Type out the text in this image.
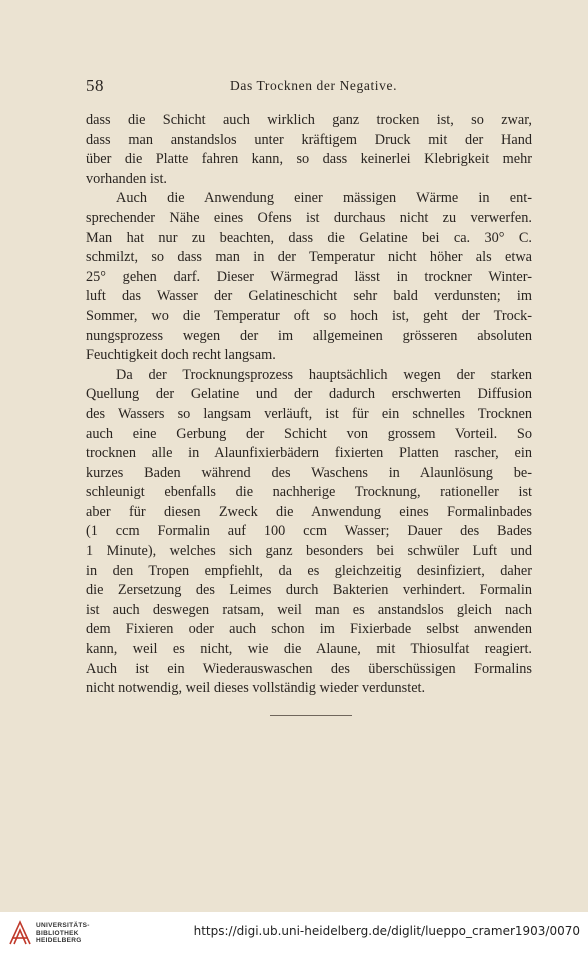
58	Das Trocknen der Negative.
dass die Schicht auch wirklich ganz trocken ist, so zwar,
dass man anstandslos unter kräftigem Druck mit der Hand
über die Platte fahren kann, so dass keinerlei Klebrigkeit mehr
vorhanden ist.
Auch die Anwendung einer mässigen Wärme in ent-
sprechender Nähe eines Ofens ist durchaus nicht zu verwerfen.
Man hat nur zu beachten, dass die Gelatine bei ca. 30° C.
schmilzt, so dass man in der Temperatur nicht höher als etwa
25° gehen darf. Dieser Wärmegrad lässt in trockner Winter-
luft das Wasser der Gelatineschicht sehr bald verdunsten; im
Sommer, wo die Temperatur oft so hoch ist, geht der Trock-
nungsprozess wegen der im allgemeinen grösseren absoluten
Feuchtigkeit doch recht langsam.
Da der Trocknungsprozess hauptsächlich wegen der starken
Quellung der Gelatine und der dadurch erschwerten Diffusion
des Wassers so langsam verläuft, ist für ein schnelles Trocknen
auch eine Gerbung der Schicht von grossem Vorteil. So
trocknen alle in Alaunfixierbädern fixierten Platten rascher, ein
kurzes Baden während des Waschens in Alaunlösung be-
schleunigt ebenfalls die nachherige Trocknung, rationeller ist
aber für diesen Zweck die Anwendung eines Formalinbades
(1 ccm Formalin auf 100 ccm Wasser; Dauer des Bades
1 Minute), welches sich ganz besonders bei schwüler Luft und
in den Tropen empfiehlt, da es gleichzeitig desinfiziert, daher
die Zersetzung des Leimes durch Bakterien verhindert. Formalin
ist auch deswegen ratsam, weil man es anstandslos gleich nach
dem Fixieren oder auch schon im Fixierbade selbst anwenden
kann, weil es nicht, wie die Alaune, mit Thiosulfat reagiert.
Auch ist ein Wiederauswaschen des überschüssigen Formalins
nicht notwendig, weil dieses vollständig wieder verdunstet.
UNIVERSITÄTS-
BIBLIOTHEK
HEIDELBERG
https://digi.ub.uni-heidelberg.de/diglit/lueppo_cramer1903/0070
